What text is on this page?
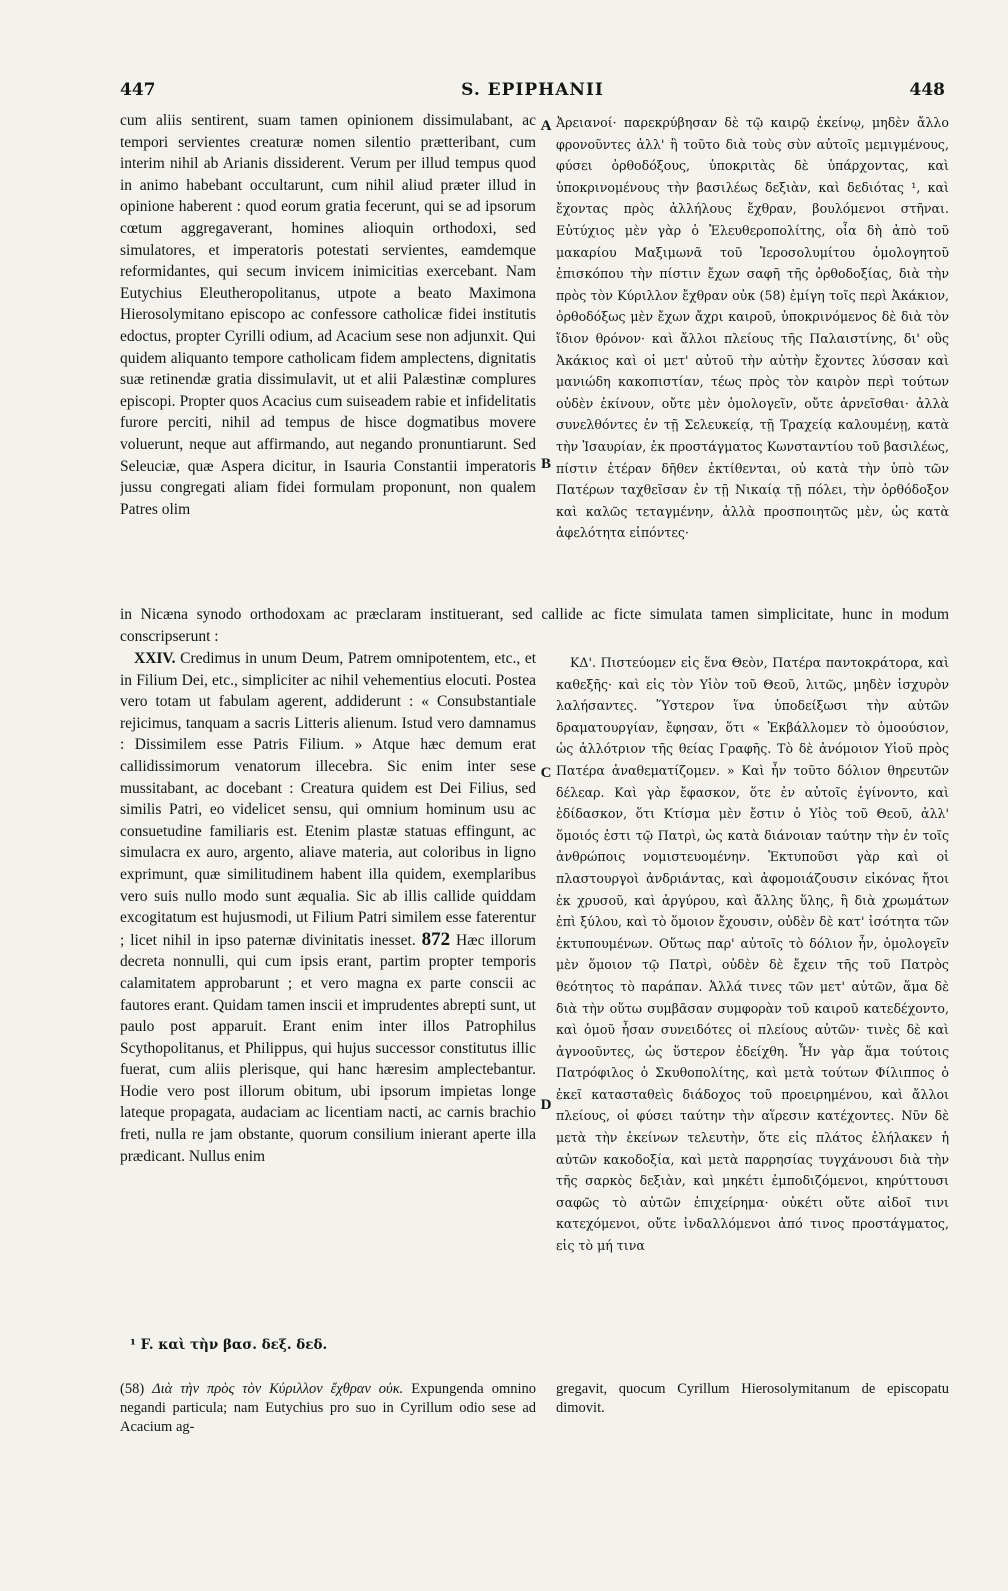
S. EPIPHANII
447	448

cum aliis sentirent, suam tamen opinionem dissimulabant, ac tempori servientes creaturæ nomen silentio prætteribant, cum interim nihil ab Arianis dissiderent. Verum per illud tempus quod in animo habebant occultarunt, cum nihil aliud præter illud in opinione haberent : quod eorum gratia fecerunt, qui se ad ipsorum cœtum aggregaverant, homines alioquin orthodoxi, sed simulatores, et imperatoris potestati servientes, eamdemque reformidantes, qui secum invicem inimicitias exercebant. Nam Eutychius Eleutheropolitanus, utpote a beato Maximona Hierosolymitano episcopo ac confessore catholicæ fidei institutis edoctus, propter Cyrilli odium, ad Acacium sese non adjunxit. Qui quidem aliquanto tempore catholicam fidem amplectens, dignitatis suæ retinendæ gratia dissimulavit, ut et alii Palæstinæ complures episcopi. Propter quos Acacius cum suiseadem rabie et infidelitatis furore perciti, nihil ad tempus de hisce dogmatibus movere voluerunt, neque aut affirmando, aut negando pronuntiarunt. Sed Seleuciæ, quæ Aspera dicitur, in Isauria Constantii imperatoris jussu congregati aliam fidei formulam proponunt, non qualem Patres olim

Ἀρειανοί· παρεκρύβησαν δὲ τῷ καιρῷ ἐκείνῳ, μηδὲν ἄλλο φρονοῦντες ἀλλ' ἢ τοῦτο διὰ τοὺς σὺν αὐτοῖς μεμιγμένους, φύσει ὀρθοδόξους, ὑποκριτὰς δὲ ὑπάρχοντας, καὶ ὑποκρινομένους τὴν βασιλέως δεξιὰν, καὶ δεδιότας ¹, καὶ ἔχοντας πρὸς ἀλλήλους ἔχθραν, βουλόμενοι στῆναι. Εὐτύχιος μὲν γὰρ ὁ Ἐλευθεροπολίτης, οἷα δὴ ἀπὸ τοῦ μακαρίου Μαξιμωνᾶ τοῦ Ἱεροσολυμίτου ὁμολογητοῦ ἐπισκόπου τὴν πίστιν ἔχων σαφῆ τῆς ὀρθοδοξίας, διὰ τὴν πρὸς τὸν Κύριλλον ἔχθραν οὐκ (58) ἐμίγη τοῖς περὶ Ἀκάκιον, ὀρθοδόξως μὲν ἔχων ἄχρι καιροῦ, ὑποκρινόμενος δὲ διὰ τὸν ἴδιον θρόνον· καὶ ἄλλοι πλείους τῆς Παλαιστίνης, δι' οὓς Ἀκάκιος καὶ οἱ μετ' αὐτοῦ τὴν αὐτὴν ἔχοντες λύσσαν καὶ μανιώδη κακοπιστίαν, τέως πρὸς τὸν καιρὸν περὶ τούτων οὐδὲν ἐκίνουν, οὔτε μὲν ὁμολογεῖν, οὔτε ἀρνεῖσθαι· ἀλλὰ συνελθόντες ἐν τῇ Σελευκείᾳ, τῇ Τραχείᾳ καλουμένῃ, κατὰ τὴν Ἰσαυρίαν, ἐκ προστάγματος Κωνσταντίου τοῦ βασιλέως, πίστιν ἑτέραν δῆθεν ἐκτίθενται, οὐ κατὰ τὴν ὑπὸ τῶν Πατέρων ταχθεῖσαν ἐν τῇ Νικαίᾳ τῇ πόλει, τὴν ὀρθόδοξον καὶ καλῶς τεταγμένην, ἀλλὰ προσποιητῶς μὲν, ὡς κατὰ ἀφελότητα εἰπόντες·

in Nicæna synodo orthodoxam ac præclaram instituerant, sed callide ac ficte simulata tamen simplicitate, hunc in modum conscripserunt :

XXIV. Credimus in unum Deum, Patrem omnipotentem, etc., et in Filium Dei, etc., simpliciter ac nihil vehementius elocuti. Postea vero totam ut fabulam agerent, addiderunt : « Consubstantiale rejicimus, tanquam a sacris Litteris alienum. Istud vero damnamus : Dissimilem esse Patris Filium. » Atque hæc demum erat callidissimorum venatorum illecebra. Sic enim inter sese mussitabant, ac docebant : Creatura quidem est Dei Filius, sed similis Patri, eo videlicet sensu, qui omnium hominum usu ac consuetudine familiaris est. Etenim plastæ statuas effingunt, ac simulacra ex auro, argento, aliave materia, aut coloribus in ligno exprimunt, quæ similitudinem habent illa quidem, exemplaribus vero suis nullo modo sunt æqualia. Sic ab illis callide quiddam excogitatum est hujusmodi, ut Filium Patri similem esse faterentur ; licet nihil in ipso paternæ divinitatis inesset. 872 Hæc illorum decreta nonnulli, qui cum ipsis erant, partim propter temporis calamitatem approbarunt ; et vero magna ex parte conscii ac fautores erant. Quidam tamen inscii et imprudentes abrepti sunt, ut paulo post apparuit. Erant enim inter illos Patrophilus Scythopolitanus, et Philippus, qui hujus successor constitutus illic fuerat, cum aliis plerisque, qui hanc hæresim amplectebantur. Hodie vero post illorum obitum, ubi ipsorum impietas longe lateque propagata, audaciam ac licentiam nacti, ac carnis brachio freti, nulla re jam obstante, quorum consilium inierant aperte illa prædicant. Nullus enim

ΚΔ'. Πιστεύομεν εἰς ἕνα Θεὸν, Πατέρα παντοκράτορα, καὶ καθεξῆς· καὶ εἰς τὸν Υἱὸν τοῦ Θεοῦ, λιτῶς, μηδὲν ἰσχυρὸν λαλήσαντες. Ὕστερον ἵνα ὑποδείξωσι τὴν αὐτῶν δραματουργίαν, ἔφησαν, ὅτι « Ἐκβάλλομεν τὸ ὁμοούσιον, ὡς ἀλλότριον τῆς θείας Γραφῆς. Τὸ δὲ ἀνόμοιον Υἱοῦ πρὸς Πατέρα ἀναθεματίζομεν. » Καὶ ἦν τοῦτο δόλιον θηρευτῶν δέλεαρ. Καὶ γὰρ ἔφασκον, ὅτε ἐν αὐτοῖς ἐγίνοντο, καὶ ἐδίδασκον, ὅτι Κτίσμα μὲν ἔστιν ὁ Υἱὸς τοῦ Θεοῦ, ἀλλ' ὅμοιός ἐστι τῷ Πατρὶ, ὡς κατὰ διάνοιαν ταύτην τὴν ἐν τοῖς ἀνθρώποις νομιστευομένην. Ἐκτυποῦσι γὰρ καὶ οἱ πλαστουργοὶ ἀνδριάντας, καὶ ἀφομοιάζουσιν εἰκόνας ἤτοι ἐκ χρυσοῦ, καὶ ἀργύρου, καὶ ἄλλης ὕλης, ἢ διὰ χρωμάτων ἐπὶ ξύλου, καὶ τὸ ὅμοιον ἔχουσιν, οὐδὲν δὲ κατ' ἰσότητα τῶν ἐκτυπουμένων. Οὕτως παρ' αὐτοῖς τὸ δόλιον ἦν, ὁμολογεῖν μὲν ὅμοιον τῷ Πατρὶ, οὐδὲν δὲ ἔχειν τῆς τοῦ Πατρὸς θεότητος τὸ παράπαν. Ἀλλά τινες τῶν μετ' αὐτῶν, ἅμα δὲ διὰ τὴν οὕτω συμβᾶσαν συμφορὰν τοῦ καιροῦ κατεδέχοντο, καὶ ὁμοῦ ἦσαν συνειδότες οἱ πλείους αὐτῶν· τινὲς δὲ καὶ ἀγνοοῦντες, ὡς ὕστερον ἐδείχθη. Ἦν γὰρ ἅμα τούτοις Πατρόφιλος ὁ Σκυθοπολίτης, καὶ μετὰ τούτων Φίλιππος ὁ ἐκεῖ κατασταθεὶς διάδοχος τοῦ προειρημένου, καὶ ἄλλοι πλείους, οἱ φύσει ταύτην τὴν αἵρεσιν κατέχοντες. Νῦν δὲ μετὰ τὴν ἐκείνων τελευτὴν, ὅτε εἰς πλάτος ἐλήλακεν ἡ αὐτῶν κακοδοξία, καὶ μετὰ παρρησίας τυγχάνουσι διὰ τὴν τῆς σαρκὸς δεξιὰν, καὶ μηκέτι ἐμποδιζόμενοι, κηρύττουσι σαφῶς τὸ αὐτῶν ἐπιχείρημα· οὐκέτι οὔτε αἰδοῖ τινι κατεχόμενοι, οὔτε ἰνδαλλόμενοι ἀπό τινος προστάγματος, εἰς τὸ μή τινα

A
B
C
D
¹ F. καὶ τὴν βασ. δεξ. δεδ.

(58) Διὰ τὴν πρὸς τὸν Κύριλλον ἔχθραν οὐκ. Expungenda omnino negandi particula; nam Eutychius pro suo in Cyrillum odio sese ad Acacium ag-

gregavit, quocum Cyrillum Hierosolymitanum de episcopatu dimovit.
